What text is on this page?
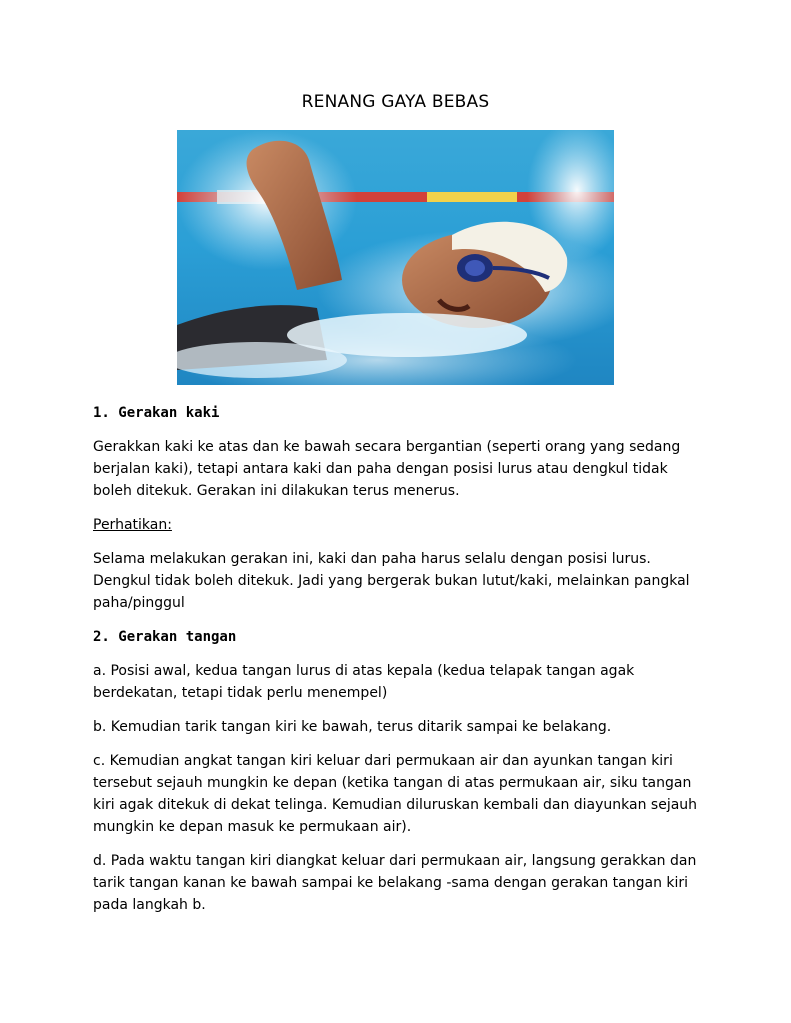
RENANG GAYA BEBAS

1. Gerakan kaki

Gerakkan kaki ke atas dan ke bawah secara bergantian (seperti orang yang sedang berjalan kaki), tetapi antara kaki dan paha dengan posisi lurus atau dengkul tidak boleh ditekuk. Gerakan ini dilakukan terus menerus.

Perhatikan:

Selama melakukan gerakan ini, kaki dan paha harus selalu dengan posisi lurus. Dengkul tidak boleh ditekuk. Jadi yang bergerak bukan lutut/kaki, melainkan pangkal paha/pinggul

2. Gerakan tangan

a. Posisi awal, kedua tangan lurus di atas kepala (kedua telapak tangan agak berdekatan, tetapi tidak perlu menempel)

b. Kemudian tarik tangan kiri ke bawah, terus ditarik sampai ke belakang.

c. Kemudian angkat tangan kiri keluar dari permukaan air dan ayunkan tangan kiri tersebut sejauh mungkin ke depan (ketika tangan di atas permukaan air, siku tangan kiri agak ditekuk di dekat telinga. Kemudian diluruskan kembali dan diayunkan sejauh mungkin ke depan masuk ke permukaan air).

d. Pada waktu tangan kiri diangkat keluar dari permukaan air, langsung gerakkan dan tarik tangan kanan ke bawah sampai ke belakang -sama dengan gerakan tangan kiri pada langkah b.
